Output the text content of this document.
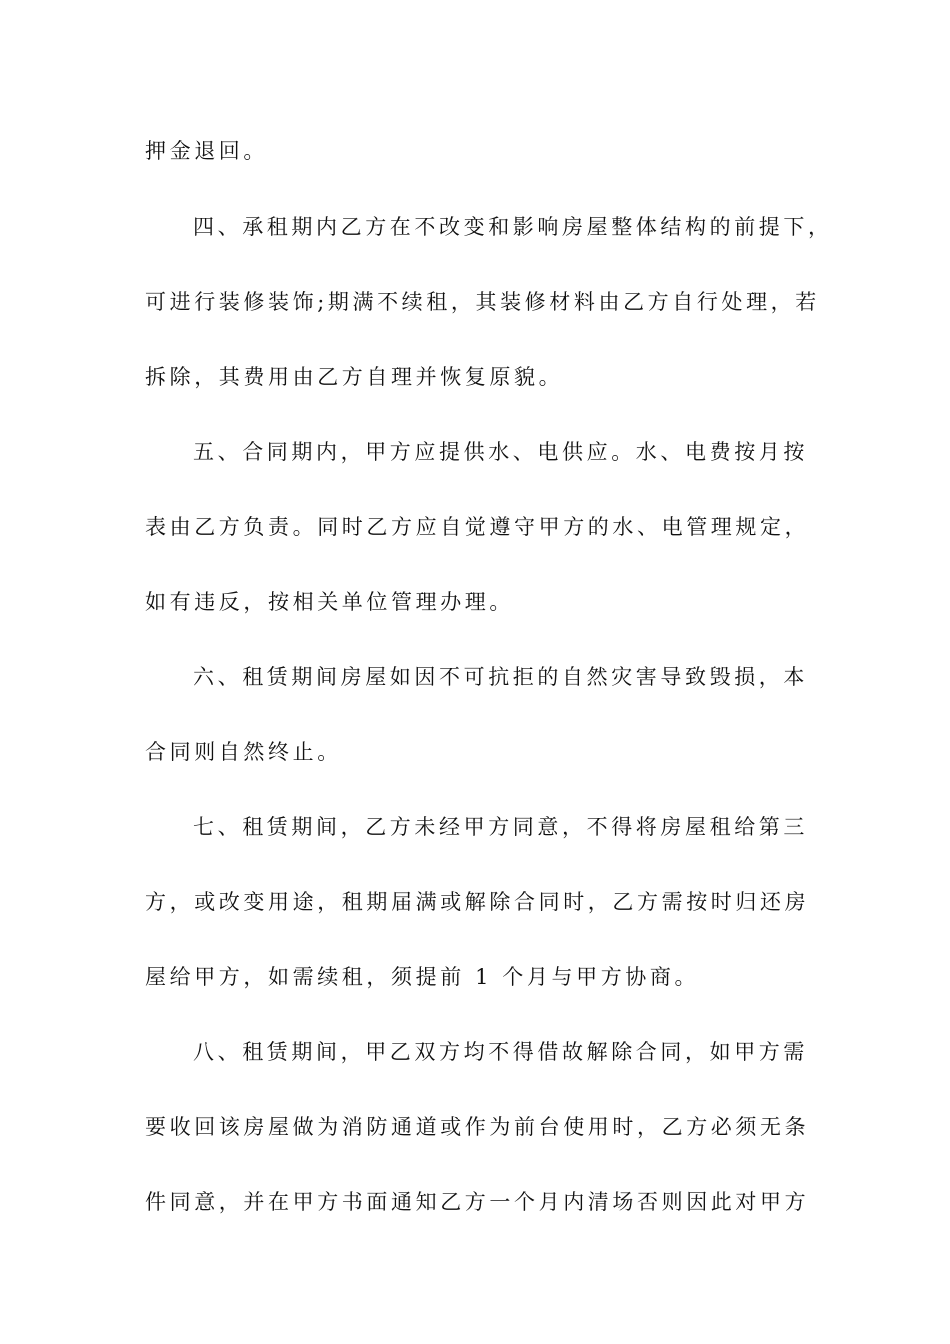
押金退回。
四、承租期内乙方在不改变和影响房屋整体结构的前提下，
可进行装修装饰;期满不续租，其装修材料由乙方自行处理，若
拆除，其费用由乙方自理并恢复原貌。
五、合同期内，甲方应提供水、电供应。水、电费按月按
表由乙方负责。同时乙方应自觉遵守甲方的水、电管理规定，
如有违反，按相关单位管理办理。
六、租赁期间房屋如因不可抗拒的自然灾害导致毁损，本
合同则自然终止。
七、租赁期间，乙方未经甲方同意，不得将房屋租给第三
方，或改变用途，租期届满或解除合同时，乙方需按时归还房
屋给甲方，如需续租，须提前 1 个月与甲方协商。
八、租赁期间，甲乙双方均不得借故解除合同，如甲方需
要收回该房屋做为消防通道或作为前台使用时，乙方必须无条
件同意，并在甲方书面通知乙方一个月内清场否则因此对甲方
